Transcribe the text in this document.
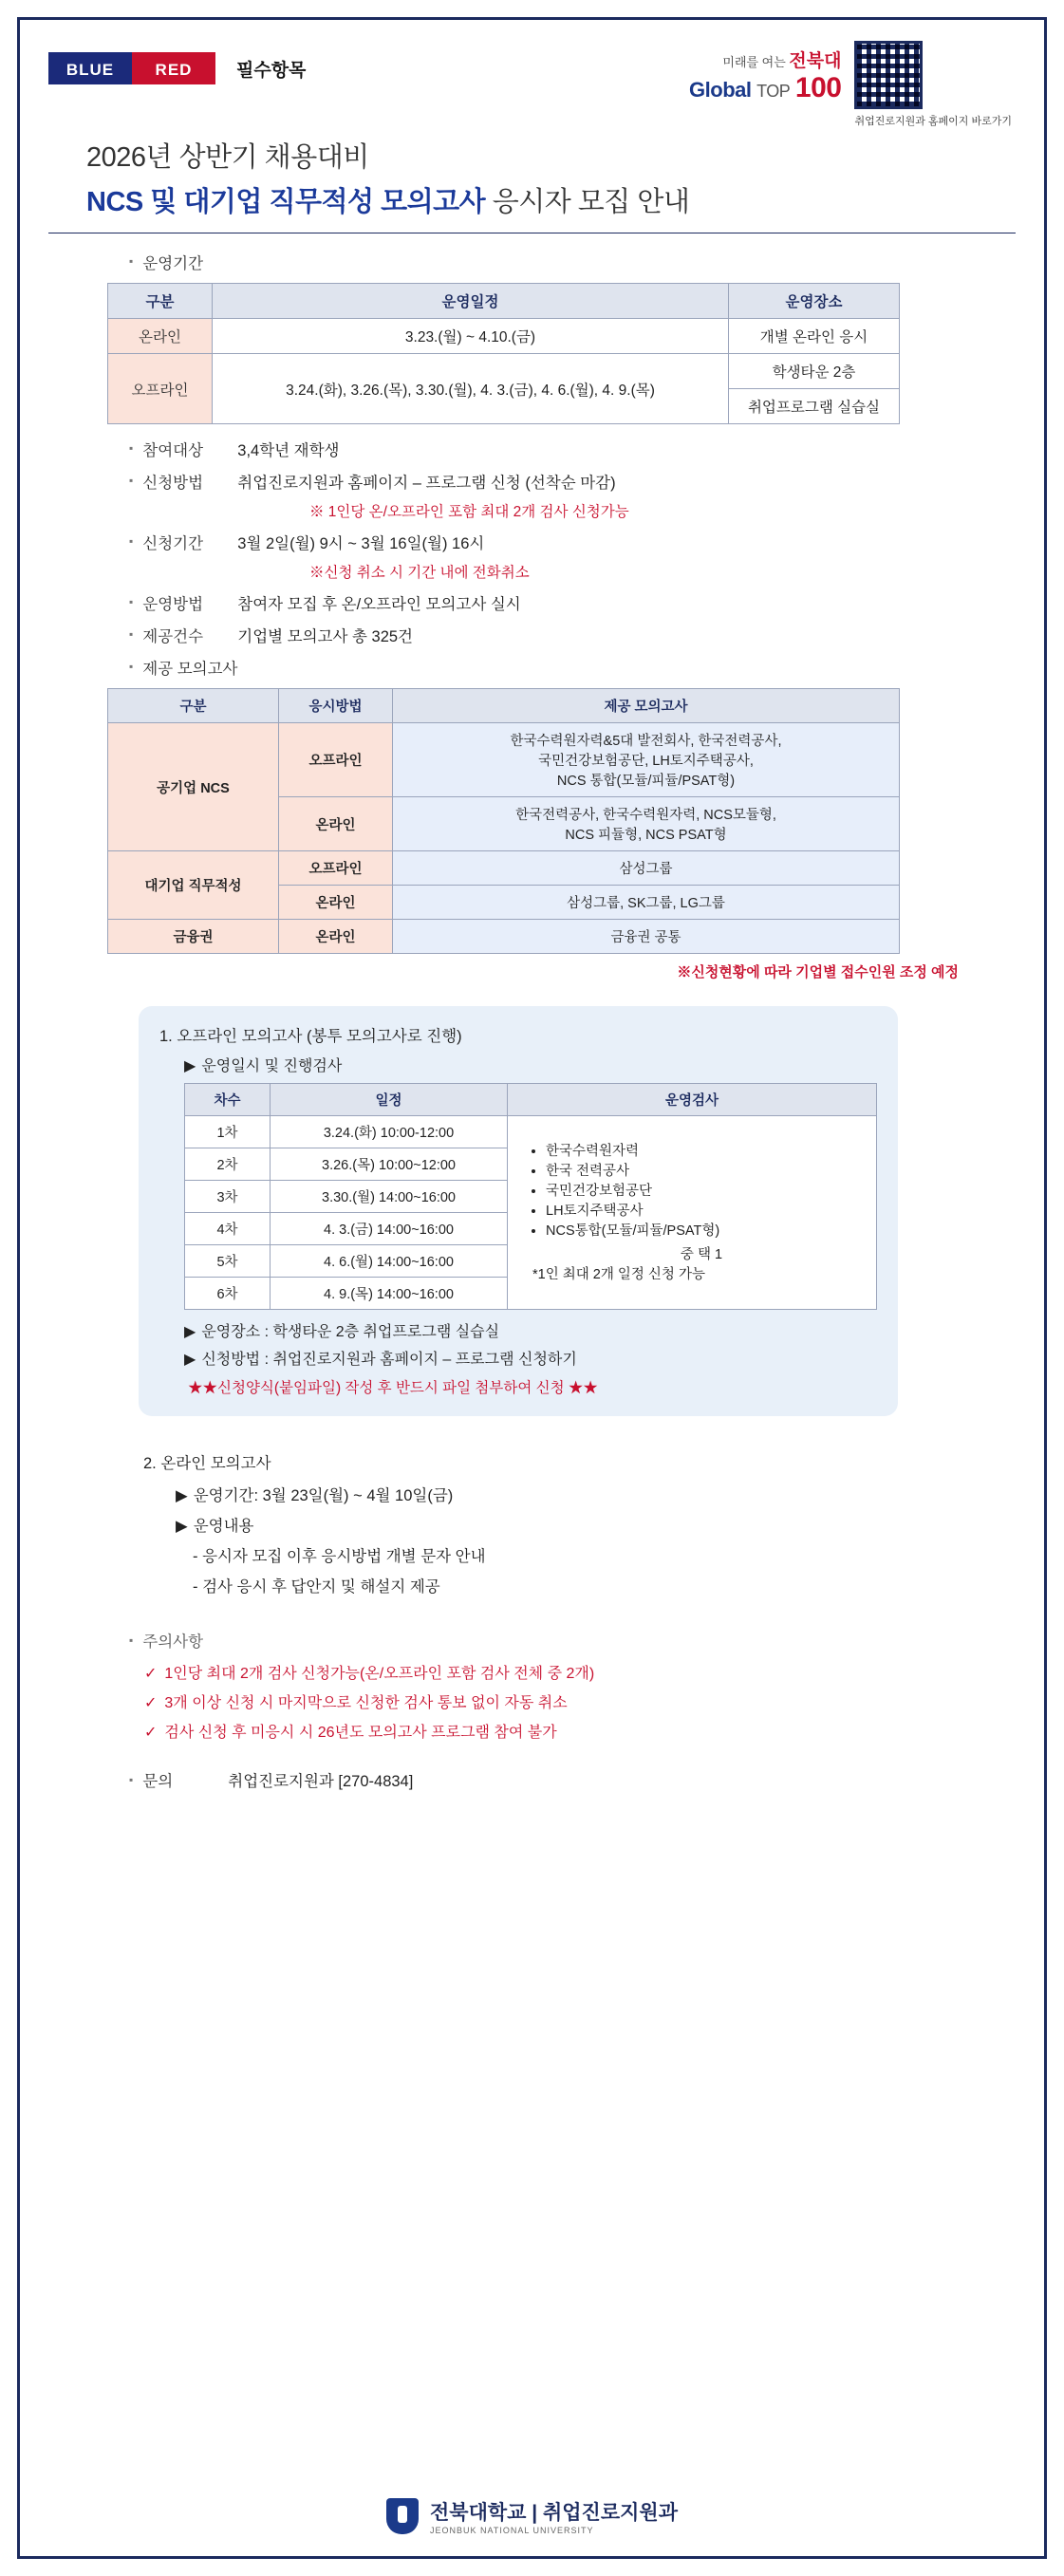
BLUE	RED	필수항목	미래를 여는 전북대
Global TOP 100
취업진로지원과 홈페이지 바로가기
2026년 상반기 채용대비
NCS 및 대기업 직무적성 모의고사 응시자 모집 안내
▪ 운영기간
구분	운영일정	운영장소
온라인	3.23.(월) ~ 4.10.(금)	개별 온라인 응시
오프라인	3.24.(화), 3.26.(목), 3.30.(월), 4. 3.(금), 4. 6.(월), 4. 9.(목)	학생타운 2층
		취업프로그램 실습실
▪ 참여대상	3,4학년 재학생
▪ 신청방법	취업진로지원과 홈페이지 – 프로그램 신청 (선착순 마감)
※ 1인당 온/오프라인 포함 최대 2개 검사 신청가능
▪ 신청기간	3월 2일(월) 9시 ~ 3월 16일(월) 16시
※신청 취소 시 기간 내에 전화취소
▪ 운영방법	참여자 모집 후 온/오프라인 모의고사 실시
▪ 제공건수	기업별 모의고사 총 325건
▪ 제공 모의고사
구분	응시방법	제공 모의고사
공기업 NCS	오프라인	한국수력원자력&5대 발전회사, 한국전력공사,
국민건강보험공단, LH토지주택공사,
NCS 통합(모듈/피듈/PSAT형)
	온라인	한국전력공사, 한국수력원자력, NCS모듈형,
NCS 피듈형, NCS PSAT형
대기업 직무적성	오프라인	삼성그룹
	온라인	삼성그룹, SK그룹, LG그룹
금융권	온라인	금융권 공통
※신청현황에 따라 기업별 접수인원 조정 예정
1. 오프라인 모의고사 (봉투 모의고사로 진행)
▶ 운영일시 및 진행검사
차수	일정	운영검사
1차	3.24.(화) 10:00-12:00	
• 한국수력원자력
• 한국 전력공사
• 국민건강보험공단
• LH토지주택공사
• NCS통합(모듈/피듈/PSAT형)
중 택 1
*1인 최대 2개 일정 신청 가능

2차	3.26.(목) 10:00~12:00	
3차	3.30.(월) 14:00~16:00	
4차	4. 3.(금) 14:00~16:00	
5차	4. 6.(월) 14:00~16:00	
6차	4. 9.(목) 14:00~16:00	
▶ 운영장소 : 학생타운 2층 취업프로그램 실습실
▶ 신청방법 : 취업진로지원과 홈페이지 – 프로그램 신청하기
★★신청양식(붙임파일) 작성 후 반드시 파일 첨부하여 신청 ★★
2. 온라인 모의고사
▶ 운영기간: 3월 23일(월) ~ 4월 10일(금)
▶ 운영내용
- 응시자 모집 이후 응시방법 개별 문자 안내
- 검사 응시 후 답안지 및 해설지 제공
▪ 주의사항
✓ 1인당 최대 2개 검사 신청가능(온/오프라인 포함 검사 전체 중 2개)
✓ 3개 이상 신청 시 마지막으로 신청한 검사 통보 없이 자동 취소
✓ 검사 신청 후 미응시 시 26년도 모의고사 프로그램 참여 불가
▪ 문의	취업진로지원과 [270-4834]
전북대학교 | 취업진로지원과
JEONBUK NATIONAL UNIVERSITY
